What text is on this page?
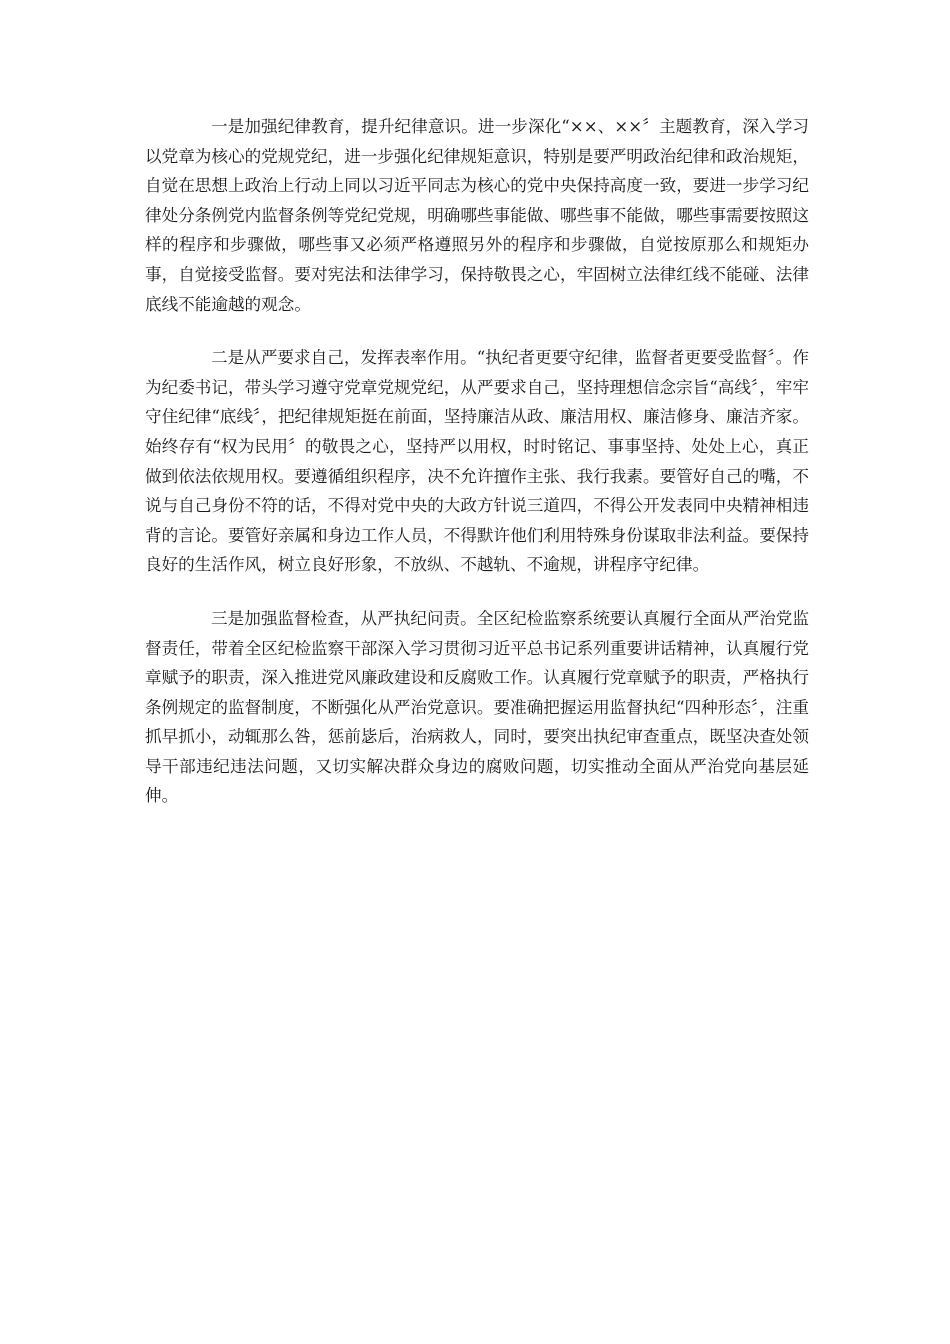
一是加强纪律教育，提升纪律意识。进一步深化“××、××〞主题教育，深入学习以党章为核心的党规党纪，进一步强化纪律规矩意识，特别是要严明政治纪律和政治规矩，自觉在思想上政治上行动上同以习近平同志为核心的党中央保持高度一致，要进一步学习纪律处分条例党内监督条例等党纪党规，明确哪些事能做、哪些事不能做，哪些事需要按照这样的程序和步骤做，哪些事又必须严格遵照另外的程序和步骤做，自觉按原那么和规矩办事，自觉接受监督。要对宪法和法律学习，保持敬畏之心，牢固树立法律红线不能碰、法律底线不能逾越的观念。

二是从严要求自己，发挥表率作用。“执纪者更要守纪律，监督者更要受监督〞。作为纪委书记，带头学习遵守党章党规党纪，从严要求自己，坚持理想信念宗旨“高线〞，牢牢守住纪律“底线〞，把纪律规矩挺在前面，坚持廉洁从政、廉洁用权、廉洁修身、廉洁齐家。始终存有“权为民用〞的敬畏之心，坚持严以用权，时时铭记、事事坚持、处处上心，真正做到依法依规用权。要遵循组织程序，决不允许擅作主张、我行我素。要管好自己的嘴，不说与自己身份不符的话，不得对党中央的大政方针说三道四，不得公开发表同中央精神相违背的言论。要管好亲属和身边工作人员，不得默许他们利用特殊身份谋取非法利益。要保持良好的生活作风，树立良好形象，不放纵、不越轨、不逾规，讲程序守纪律。

三是加强监督检查，从严执纪问责。全区纪检监察系统要认真履行全面从严治党监督责任，带着全区纪检监察干部深入学习贯彻习近平总书记系列重要讲话精神，认真履行党章赋予的职责，深入推进党风廉政建设和反腐败工作。认真履行党章赋予的职责，严格执行条例规定的监督制度，不断强化从严治党意识。要准确把握运用监督执纪“四种形态〞，注重抓早抓小，动辄那么咎，惩前毖后，治病救人，同时，要突出执纪审查重点，既坚决查处领导干部违纪违法问题，又切实解决群众身边的腐败问题，切实推动全面从严治党向基层延伸。
